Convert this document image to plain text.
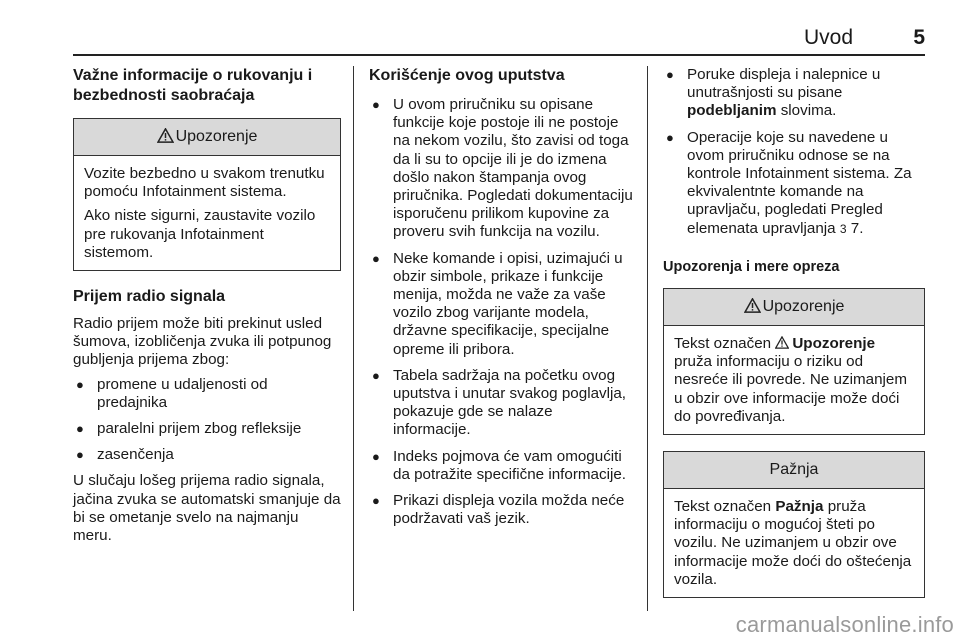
Uvod	5
Važne informacije o rukovanju i bezbednosti saobraćaja
Upozorenje

Vozite bezbedno u svakom trenutku pomoću Infotainment sistema.

Ako niste sigurni, zaustavite vozilo pre rukovanja Infotainment sistemom.

Prijem radio signala

Radio prijem može biti prekinut usled šumova, izobličenja zvuka ili potpunog gubljenja prijema zbog:

● promene u udaljenosti od predajnika
● paralelni prijem zbog refleksije
● zasenčenja

U slučaju lošeg prijema radio signala, jačina zvuka se automatski smanjuje da bi se ometanje svelo na najmanju meru.

Korišćenje ovog uputstva
● U ovom priručniku su opisane funkcije koje postoje ili ne postoje na nekom vozilu, što zavisi od toga da li su to opcije ili je do izmena došlo nakon štampanja ovog priručnika. Pogledati dokumentaciju isporučenu prilikom kupovine za proveru svih funkcija na vozilu.
● Neke komande i opisi, uzimajući u obzir simbole, prikaze i funkcije menija, možda ne važe za vaše vozilo zbog varijante modela, državne specifikacije, specijalne opreme ili pribora.
● Tabela sadržaja na početku ovog uputstva i unutar svakog poglavlja, pokazuje gde se nalaze informacije.
● Indeks pojmova će vam omogućiti da potražite specifične informacije.
● Prikazi displeja vozila možda neće podržavati vaš jezik.
● Poruke displeja i nalepnice u unutrašnjosti su pisane podebljanim slovima.
● Operacije koje su navedene u ovom priručniku odnose se na kontrole Infotainment sistema. Za ekvivalentnte komande na upravljaču, pogledati Pregled elemenata upravljanja 3 7.
Upozorenja i mere opreza
Upozorenje

Tekst označen Upozorenje pruža informaciju o riziku od nesreće ili povrede. Ne uzimanjem u obzir ove informacije može doći do povređivanja.

Pažnja

Tekst označen Pažnja pruža informaciju o mogućoj šteti po vozilu. Ne uzimanjem u obzir ove informacije može doći do oštećenja vozila.

carmanualsonline.info
